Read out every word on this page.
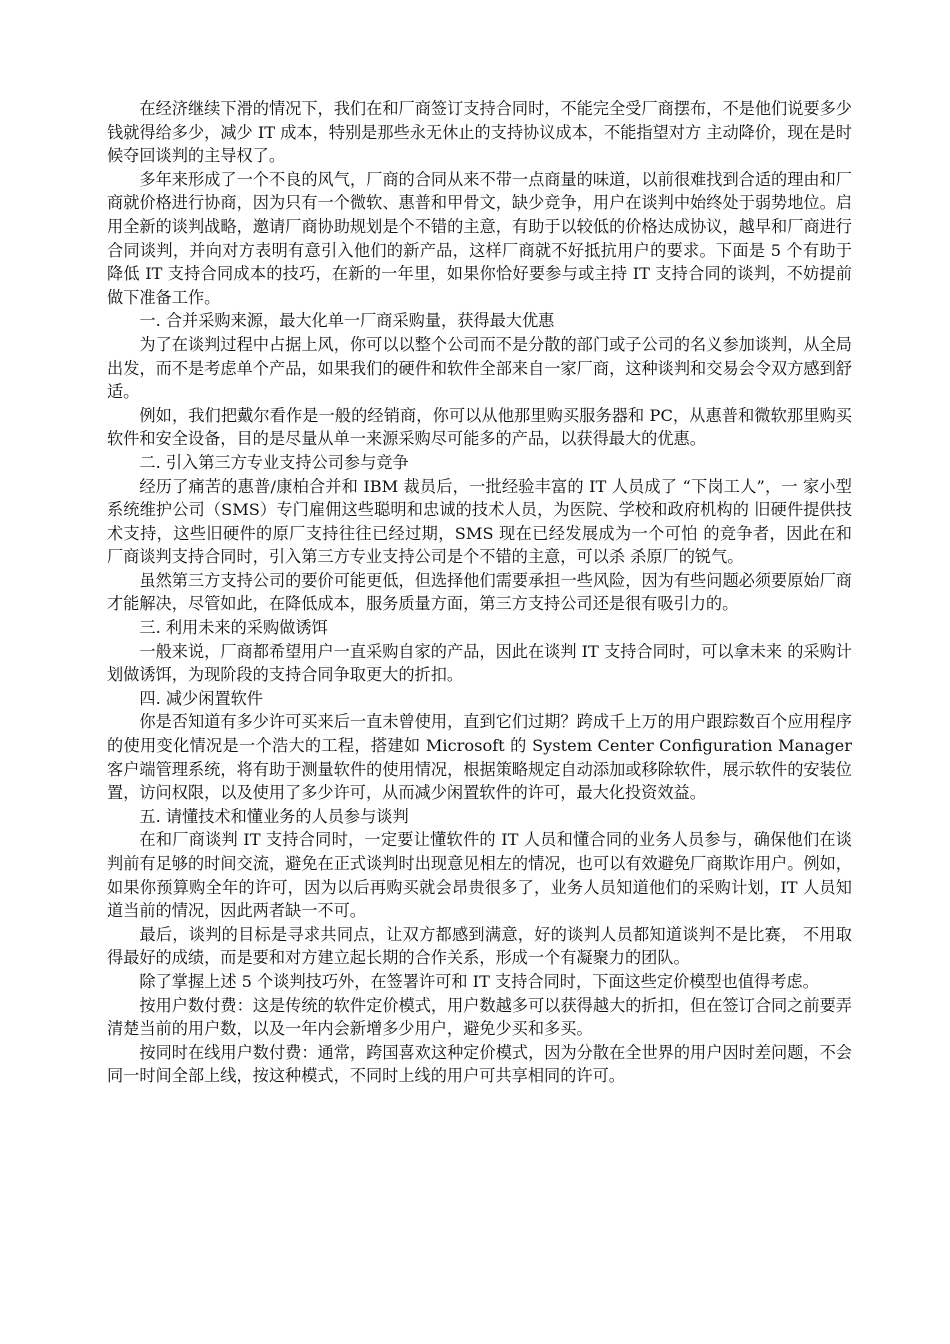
在经济继续下滑的情况下，我们在和厂商签订支持合同时，不能完全受厂商摆布，不是他们说要多少钱就得给多少，减少 IT 成本，特别是那些永无休止的支持协议成本，不能指望对方 主动降价，现在是时候夺回谈判的主导权了。

多年来形成了一个不良的风气，厂商的合同从来不带一点商量的味道，以前很难找到合适的理由和厂商就价格进行协商，因为只有一个微软、惠普和甲骨文，缺少竞争，用户在谈判中始终处于弱势地位。启用全新的谈判战略，邀请厂商协助规划是个不错的主意，有助于以较低的价格达成协议，越早和厂商进行合同谈判，并向对方表明有意引入他们的新产品，这样厂商就不好抵抗用户的要求。下面是 5 个有助于降低 IT 支持合同成本的技巧，在新的一年里，如果你恰好要参与或主持 IT 支持合同的谈判，不妨提前做下准备工作。

一. 合并采购来源，最大化单一厂商采购量，获得最大优惠

为了在谈判过程中占据上风，你可以以整个公司而不是分散的部门或子公司的名义参加谈判，从全局出发，而不是考虑单个产品，如果我们的硬件和软件全部来自一家厂商，这种谈判和交易会令双方感到舒适。

例如，我们把戴尔看作是一般的经销商，你可以从他那里购买服务器和 PC，从惠普和微软那里购买软件和安全设备，目的是尽量从单一来源采购尽可能多的产品，以获得最大的优惠。

二. 引入第三方专业支持公司参与竞争

经历了痛苦的惠普/康柏合并和 IBM 裁员后，一批经验丰富的 IT 人员成了 “下岗工人”，一 家小型系统维护公司（SMS）专门雇佣这些聪明和忠诚的技术人员，为医院、学校和政府机构的 旧硬件提供技术支持，这些旧硬件的原厂支持往往已经过期，SMS 现在已经发展成为一个可怕 的竞争者，因此在和厂商谈判支持合同时，引入第三方专业支持公司是个不错的主意，可以杀 杀原厂的锐气。

虽然第三方支持公司的要价可能更低，但选择他们需要承担一些风险，因为有些问题必须要原始厂商才能解决，尽管如此，在降低成本，服务质量方面，第三方支持公司还是很有吸引力的。

三. 利用未来的采购做诱饵

一般来说，厂商都希望用户一直采购自家的产品，因此在谈判 IT 支持合同时，可以拿未来 的采购计划做诱饵，为现阶段的支持合同争取更大的折扣。

四. 减少闲置软件

你是否知道有多少许可买来后一直未曾使用，直到它们过期？跨成千上万的用户跟踪数百个应用程序的使用变化情况是一个浩大的工程，搭建如 Microsoft 的 System Center Configuration Manager 客户端管理系统，将有助于测量软件的使用情况，根据策略规定自动添加或移除软件，展示软件的安装位置，访问权限，以及使用了多少许可，从而减少闲置软件的许可，最大化投资效益。

五. 请懂技术和懂业务的人员参与谈判

在和厂商谈判 IT 支持合同时，一定要让懂软件的 IT 人员和懂合同的业务人员参与，确保他们在谈判前有足够的时间交流，避免在正式谈判时出现意见相左的情况，也可以有效避免厂商欺诈用户。例如，如果你预算购全年的许可，因为以后再购买就会昂贵很多了，业务人员知道他们的采购计划，IT 人员知道当前的情况，因此两者缺一不可。

最后，谈判的目标是寻求共同点，让双方都感到满意，好的谈判人员都知道谈判不是比赛， 不用取得最好的成绩，而是要和对方建立起长期的合作关系，形成一个有凝聚力的团队。

除了掌握上述 5 个谈判技巧外，在签署许可和 IT 支持合同时，下面这些定价模型也值得考虑。

按用户数付费：这是传统的软件定价模式，用户数越多可以获得越大的折扣，但在签订合同之前要弄清楚当前的用户数，以及一年内会新增多少用户，避免少买和多买。

按同时在线用户数付费：通常，跨国喜欢这种定价模式，因为分散在全世界的用户因时差问题，不会同一时间全部上线，按这种模式，不同时上线的用户可共享相同的许可。
